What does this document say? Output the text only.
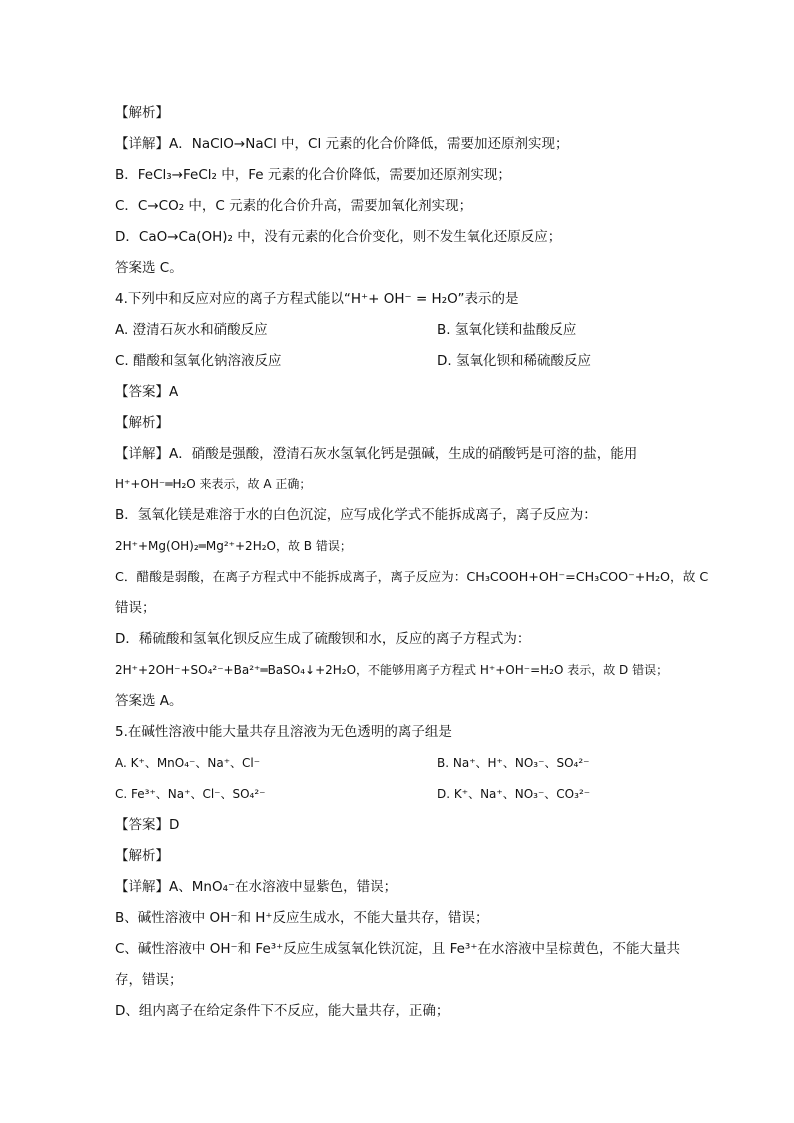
【解析】
【详解】A．NaClO→NaCl 中，Cl 元素的化合价降低，需要加还原剂实现；
B．FeCl₃→FeCl₂ 中，Fe 元素的化合价降低，需要加还原剂实现；
C．C→CO₂ 中，C 元素的化合价升高，需要加氧化剂实现；
D．CaO→Ca(OH)₂ 中，没有元素的化合价变化，则不发生氧化还原反应；
答案选 C。
4.下列中和反应对应的离子方程式能以“H⁺+ OH⁻ = H₂O”表示的是
A. 澄清石灰水和硝酸反应	B. 氢氧化镁和盐酸反应
C. 醋酸和氢氧化钠溶液反应	D. 氢氧化钡和稀硫酸反应
【答案】A
【解析】
【详解】A．硝酸是强酸，澄清石灰水氢氧化钙是强碱，生成的硝酸钙是可溶的盐，能用
H⁺+OH⁻═H₂O 来表示，故 A 正确；
B．氢氧化镁是难溶于水的白色沉淀，应写成化学式不能拆成离子，离子反应为：
2H⁺+Mg(OH)₂═Mg²⁺+2H₂O，故 B 错误；
C．醋酸是弱酸，在离子方程式中不能拆成离子，离子反应为：CH₃COOH+OH⁻=CH₃COO⁻+H₂O，故 C
错误；
D．稀硫酸和氢氧化钡反应生成了硫酸钡和水，反应的离子方程式为：
2H⁺+2OH⁻+SO₄²⁻+Ba²⁺═BaSO₄↓+2H₂O，不能够用离子方程式 H⁺+OH⁻=H₂O 表示，故 D 错误；
答案选 A。
5.在碱性溶液中能大量共存且溶液为无色透明的离子组是
A. K⁺、MnO₄⁻、Na⁺、Cl⁻	B. Na⁺、H⁺、NO₃⁻、SO₄²⁻
C. Fe³⁺、Na⁺、Cl⁻、SO₄²⁻	D. K⁺、Na⁺、NO₃⁻、CO₃²⁻
【答案】D
【解析】
【详解】A、MnO₄⁻在水溶液中显紫色，错误；
B、碱性溶液中 OH⁻和 H⁺反应生成水，不能大量共存，错误；
C、碱性溶液中 OH⁻和 Fe³⁺反应生成氢氧化铁沉淀，且 Fe³⁺在水溶液中呈棕黄色，不能大量共
存，错误；
D、组内离子在给定条件下不反应，能大量共存，正确；
